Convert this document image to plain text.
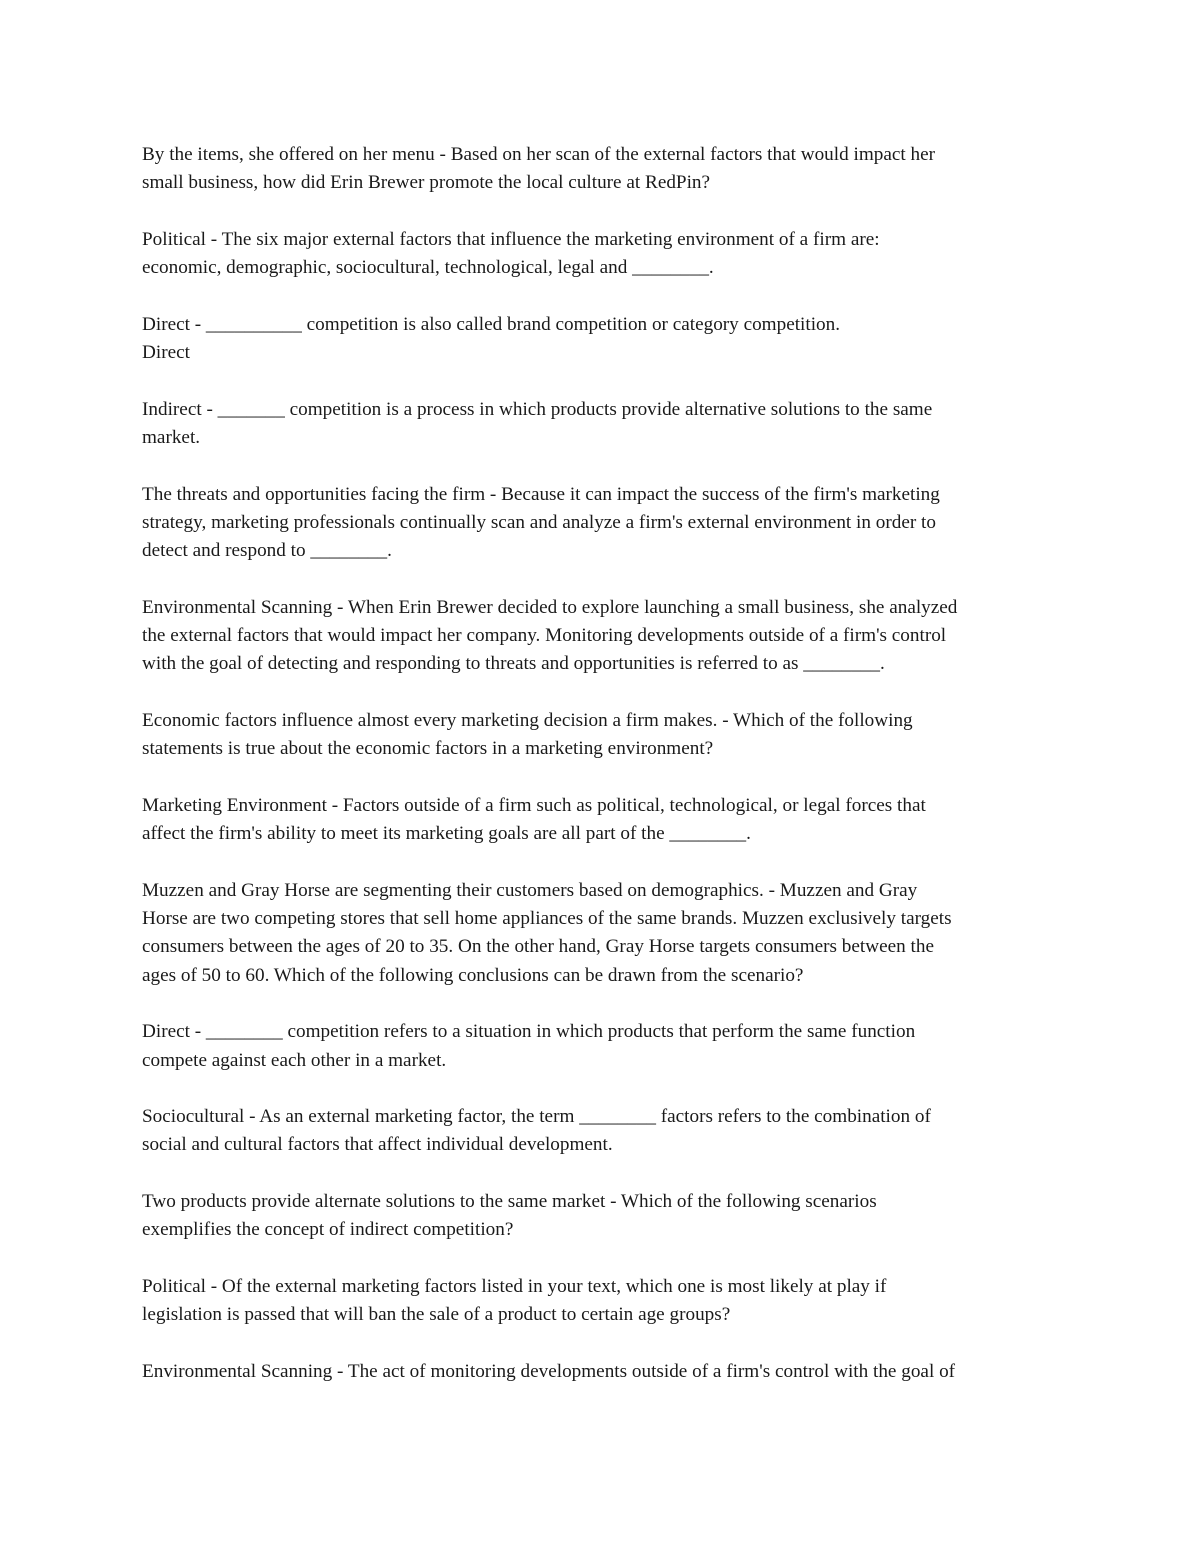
By the items, she offered on her menu - Based on her scan of the external factors that would impact her
small business, how did Erin Brewer promote the local culture at RedPin?

Political - The six major external factors that influence the marketing environment of a firm are:
economic, demographic, sociocultural, technological, legal and ________.

Direct - __________ competition is also called brand competition or category competition.
Direct

Indirect - _______ competition is a process in which products provide alternative solutions to the same
market.

The threats and opportunities facing the firm - Because it can impact the success of the firm's marketing
strategy, marketing professionals continually scan and analyze a firm's external environment in order to
detect and respond to ________.

Environmental Scanning - When Erin Brewer decided to explore launching a small business, she analyzed
the external factors that would impact her company. Monitoring developments outside of a firm's control
with the goal of detecting and responding to threats and opportunities is referred to as ________.

Economic factors influence almost every marketing decision a firm makes. - Which of the following
statements is true about the economic factors in a marketing environment?

Marketing Environment - Factors outside of a firm such as political, technological, or legal forces that
affect the firm's ability to meet its marketing goals are all part of the ________.

Muzzen and Gray Horse are segmenting their customers based on demographics. - Muzzen and Gray
Horse are two competing stores that sell home appliances of the same brands. Muzzen exclusively targets
consumers between the ages of 20 to 35. On the other hand, Gray Horse targets consumers between the
ages of 50 to 60. Which of the following conclusions can be drawn from the scenario?

Direct - ________ competition refers to a situation in which products that perform the same function
compete against each other in a market.

Sociocultural - As an external marketing factor, the term ________ factors refers to the combination of
social and cultural factors that affect individual development.

Two products provide alternate solutions to the same market - Which of the following scenarios
exemplifies the concept of indirect competition?

Political - Of the external marketing factors listed in your text, which one is most likely at play if
legislation is passed that will ban the sale of a product to certain age groups?

Environmental Scanning - The act of monitoring developments outside of a firm's control with the goal of
